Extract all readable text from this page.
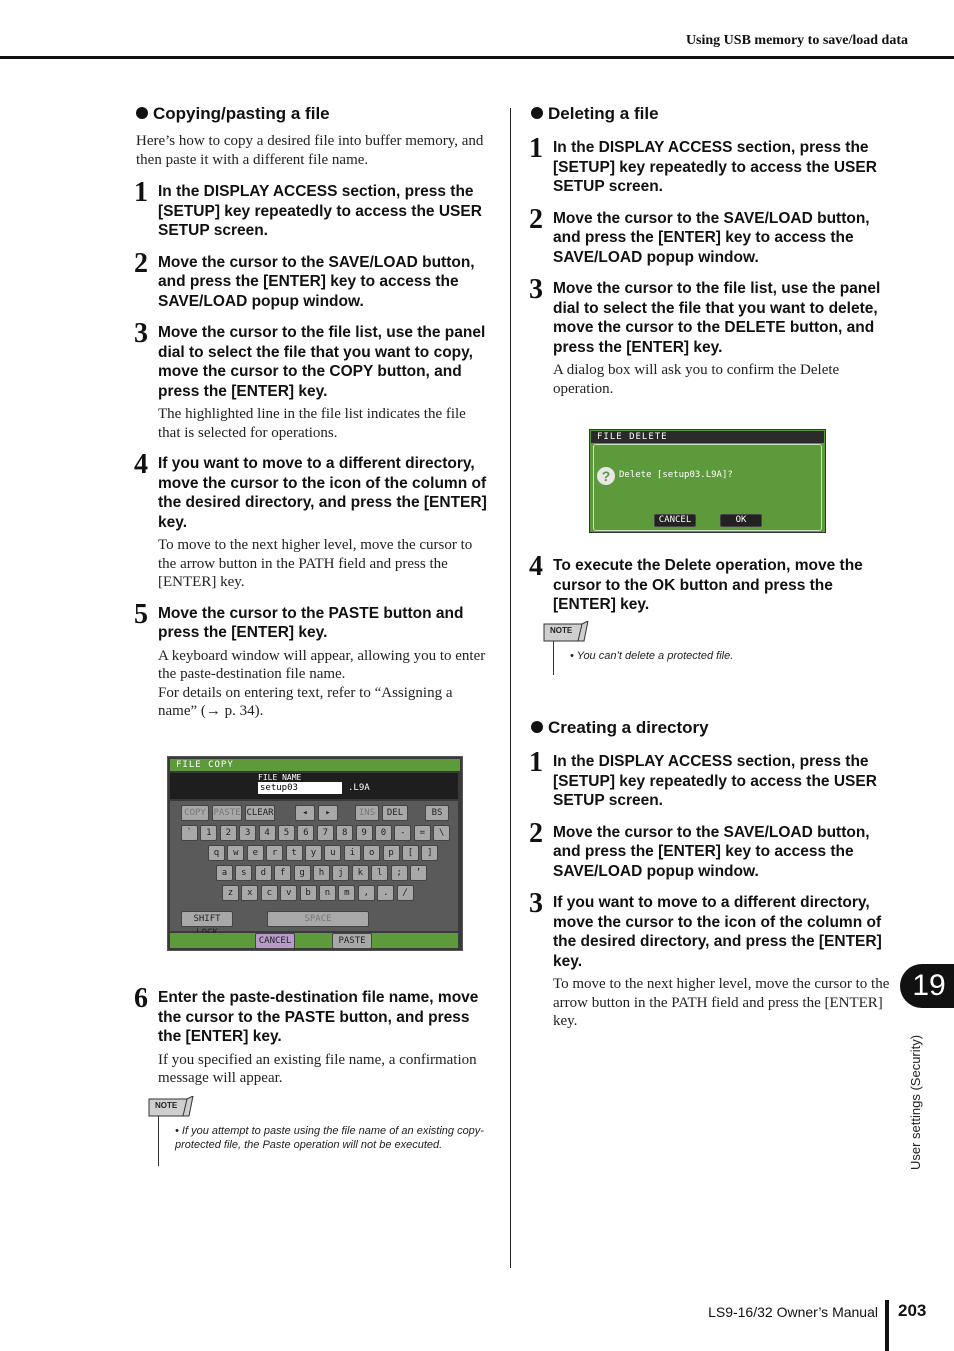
Using USB memory to save/load data
Copying/pasting a file
Here’s how to copy a desired file into buffer memory, and then paste it with a different file name.
1 In the DISPLAY ACCESS section, press the [SETUP] key repeatedly to access the USER SETUP screen.
2 Move the cursor to the SAVE/LOAD button, and press the [ENTER] key to access the SAVE/LOAD popup window.
3 Move the cursor to the file list, use the panel dial to select the file that you want to copy, move the cursor to the COPY button, and press the [ENTER] key.
The highlighted line in the file list indicates the file that is selected for operations.
4 If you want to move to a different directory, move the cursor to the icon of the column of the desired directory, and press the [ENTER] key.
To move to the next higher level, move the cursor to the arrow button in the PATH field and press the [ENTER] key.
5 Move the cursor to the PASTE button and press the [ENTER] key.
A keyboard window will appear, allowing you to enter the paste-destination file name.
For details on entering text, refer to “Assigning a name” (→ p. 34).
FILE COPY
FILE NAME
setup03	.L9A
COPY PASTE CLEAR	◂	▸	INS	DEL	BS
`	1	2	3	4	5	6	7	8	9	0	-	=	\
q	w	e	r	t	y	u	i	o	p	[	]
a	s	d	f	g	h	j	k	l	;	’
z	x	c	v	b	n	m	,	.	/
SHIFT	SPACE
CANCEL	PASTE
6 Enter the paste-destination file name, move the cursor to the PASTE button, and press the [ENTER] key.
If you specified an existing file name, a confirmation message will appear.
NOTE
• If you attempt to paste using the file name of an existing copy-protected file, the Paste operation will not be executed.
Deleting a file
1 In the DISPLAY ACCESS section, press the [SETUP] key repeatedly to access the USER SETUP screen.
2 Move the cursor to the SAVE/LOAD button, and press the [ENTER] key to access the SAVE/LOAD popup window.
3 Move the cursor to the file list, use the panel dial to select the file that you want to delete, move the cursor to the DELETE button, and press the [ENTER] key.
A dialog box will ask you to confirm the Delete operation.
FILE DELETE
? Delete [setup03.L9A]?
CANCEL	OK
4 To execute the Delete operation, move the cursor to the OK button and press the [ENTER] key.
NOTE
• You can’t delete a protected file.
Creating a directory
1 In the DISPLAY ACCESS section, press the [SETUP] key repeatedly to access the USER SETUP screen.
2 Move the cursor to the SAVE/LOAD button, and press the [ENTER] key to access the SAVE/LOAD popup window.
3 If you want to move to a different directory, move the cursor to the icon of the column of the desired directory, and press the [ENTER] key.
To move to the next higher level, move the cursor to the arrow button in the PATH field and press the [ENTER] key.
19
User settings (Security)
LS9-16/32 Owner’s Manual 203
